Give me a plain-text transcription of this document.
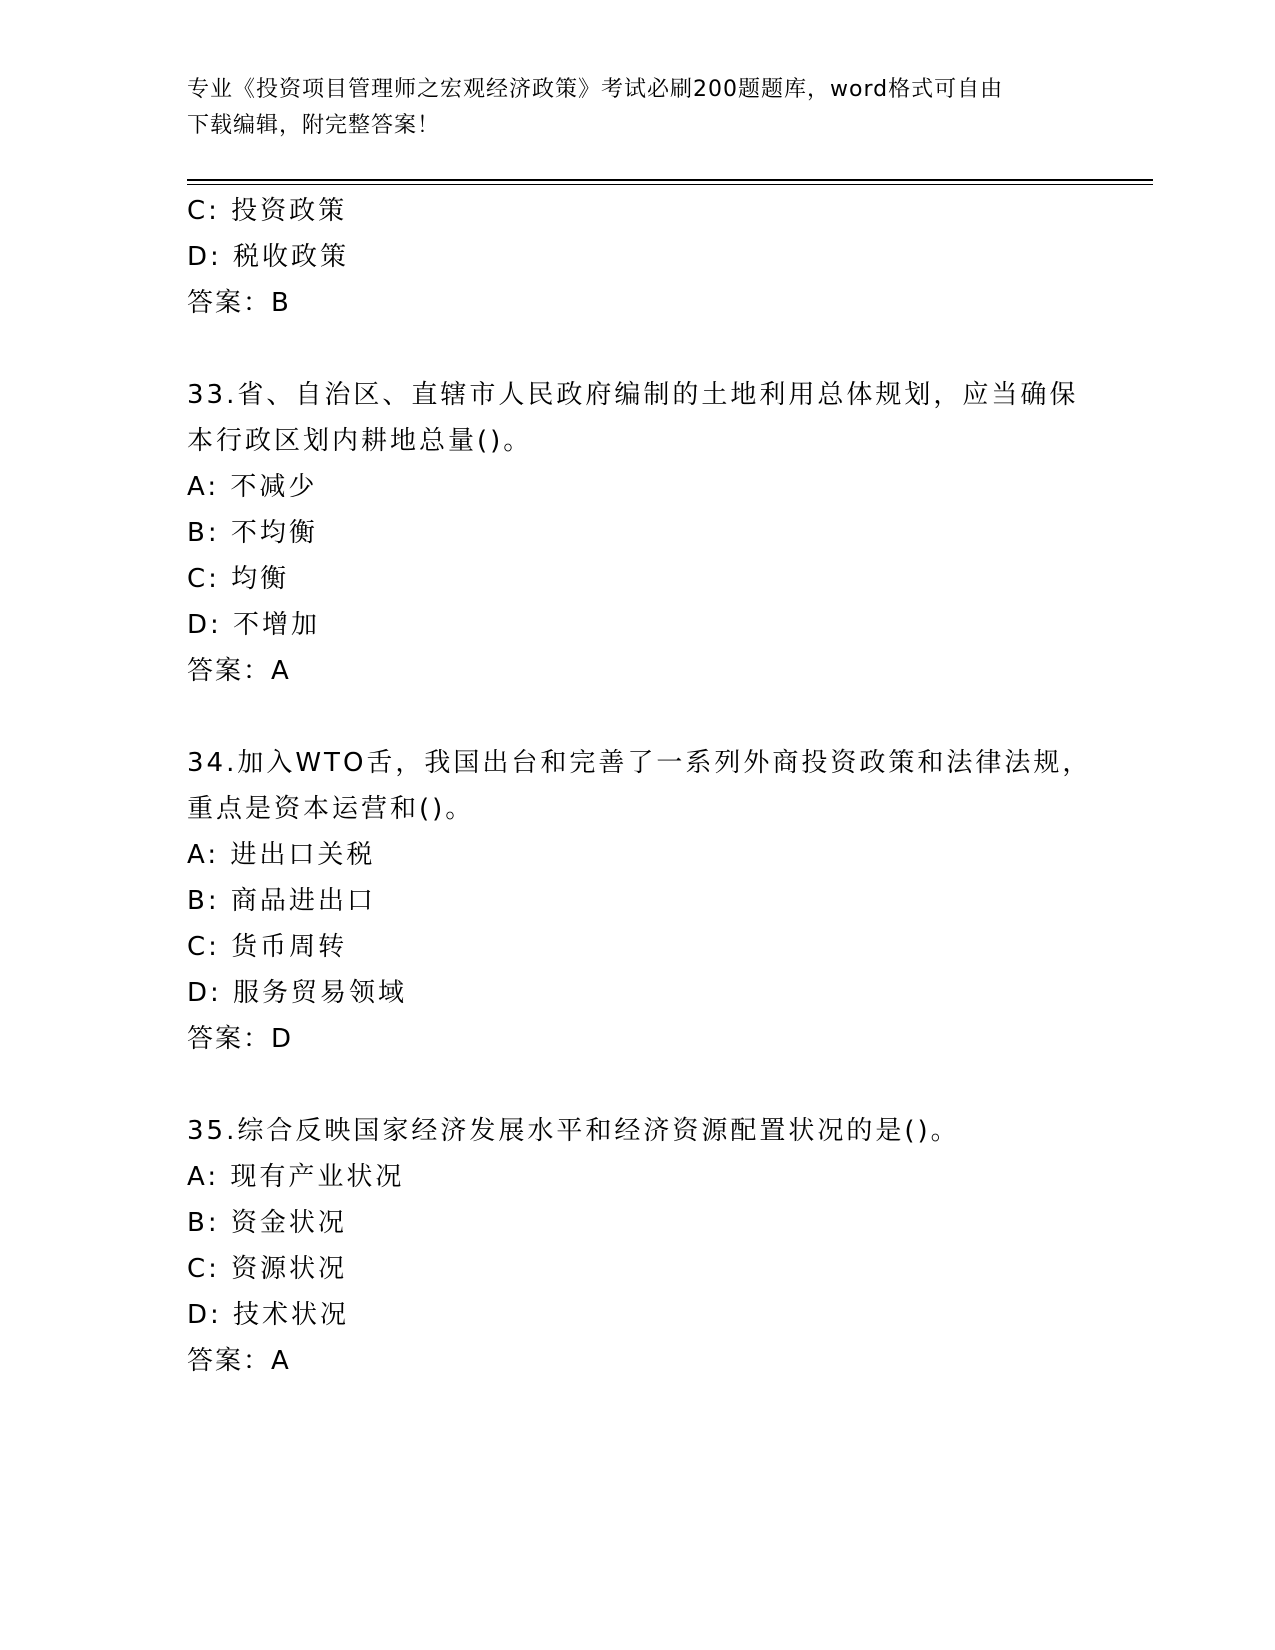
专业《投资项目管理师之宏观经济政策》考试必刷200题题库，word格式可自由
下载编辑，附完整答案！
C: 投资政策
D: 税收政策
答案：B
33.省、自治区、直辖市人民政府编制的土地利用总体规划，应当确保
本行政区划内耕地总量()。
A: 不减少
B: 不均衡
C: 均衡
D: 不增加
答案：A
34.加入WTO舌，我国出台和完善了一系列外商投资政策和法律法规，
重点是资本运营和()。
A: 进出口关税
B: 商品进出口
C: 货币周转
D: 服务贸易领域
答案：D
35.综合反映国家经济发展水平和经济资源配置状况的是()。
A: 现有产业状况
B: 资金状况
C: 资源状况
D: 技术状况
答案：A
